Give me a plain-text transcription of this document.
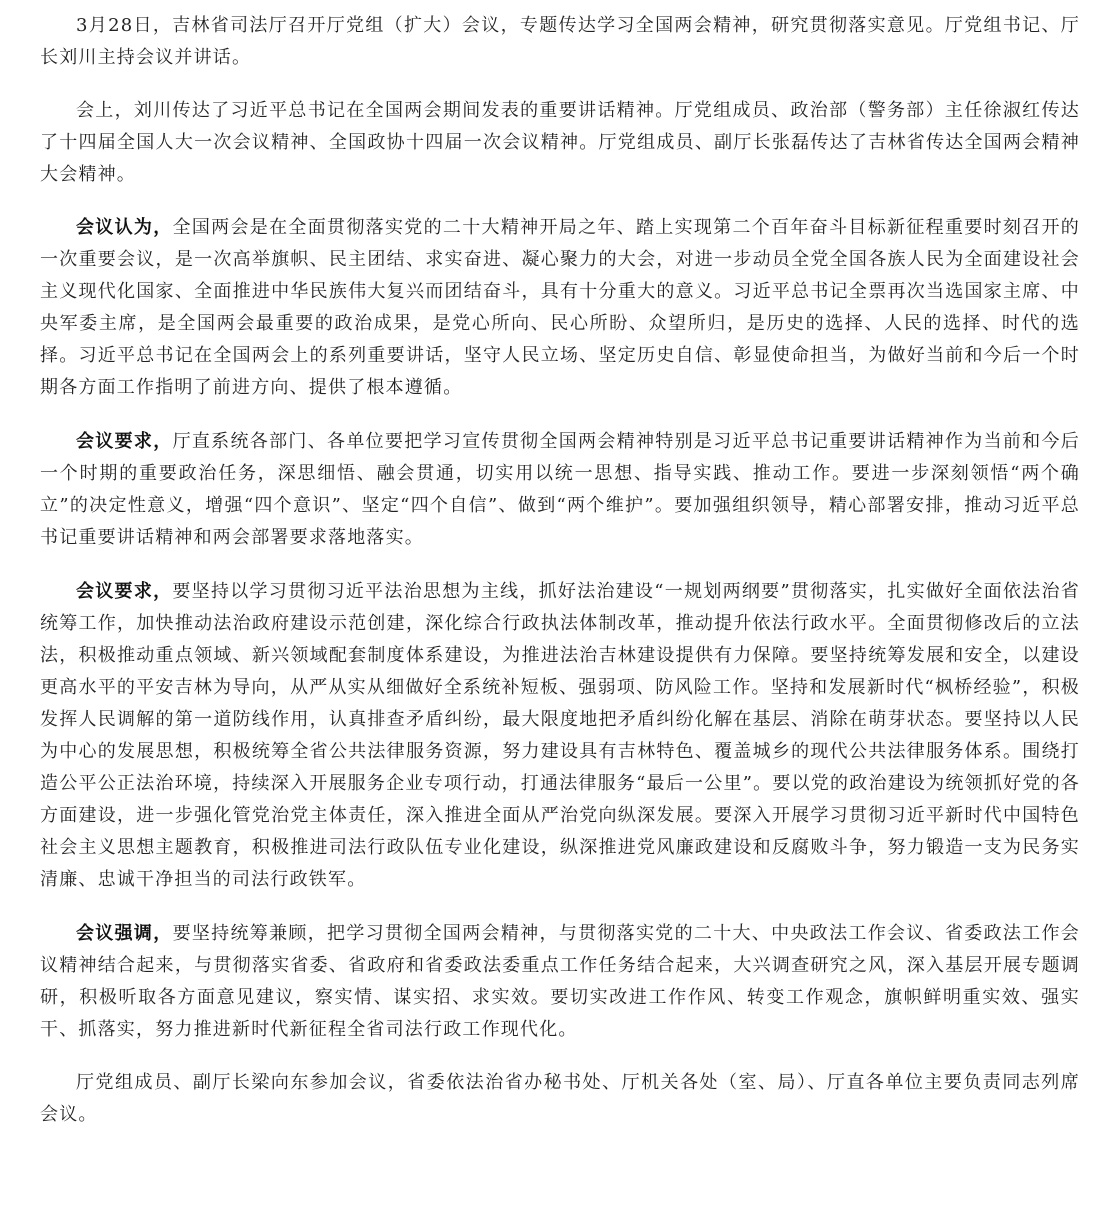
3月28日，吉林省司法厅召开厅党组（扩大）会议，专题传达学习全国两会精神，研究贯彻落实意见。厅党组书记、厅长刘川主持会议并讲话。

会上，刘川传达了习近平总书记在全国两会期间发表的重要讲话精神。厅党组成员、政治部（警务部）主任徐淑红传达了十四届全国人大一次会议精神、全国政协十四届一次会议精神。厅党组成员、副厅长张磊传达了吉林省传达全国两会精神大会精神。

会议认为，全国两会是在全面贯彻落实党的二十大精神开局之年、踏上实现第二个百年奋斗目标新征程重要时刻召开的一次重要会议，是一次高举旗帜、民主团结、求实奋进、凝心聚力的大会，对进一步动员全党全国各族人民为全面建设社会主义现代化国家、全面推进中华民族伟大复兴而团结奋斗，具有十分重大的意义。习近平总书记全票再次当选国家主席、中央军委主席，是全国两会最重要的政治成果，是党心所向、民心所盼、众望所归，是历史的选择、人民的选择、时代的选择。习近平总书记在全国两会上的系列重要讲话，坚守人民立场、坚定历史自信、彰显使命担当，为做好当前和今后一个时期各方面工作指明了前进方向、提供了根本遵循。

会议要求，厅直系统各部门、各单位要把学习宣传贯彻全国两会精神特别是习近平总书记重要讲话精神作为当前和今后一个时期的重要政治任务，深思细悟、融会贯通，切实用以统一思想、指导实践、推动工作。要进一步深刻领悟“两个确立”的决定性意义，增强“四个意识”、坚定“四个自信”、做到“两个维护”。要加强组织领导，精心部署安排，推动习近平总书记重要讲话精神和两会部署要求落地落实。

会议要求，要坚持以学习贯彻习近平法治思想为主线，抓好法治建设“一规划两纲要”贯彻落实，扎实做好全面依法治省统筹工作，加快推动法治政府建设示范创建，深化综合行政执法体制改革，推动提升依法行政水平。全面贯彻修改后的立法法，积极推动重点领域、新兴领域配套制度体系建设，为推进法治吉林建设提供有力保障。要坚持统筹发展和安全，以建设更高水平的平安吉林为导向，从严从实从细做好全系统补短板、强弱项、防风险工作。坚持和发展新时代“枫桥经验”，积极发挥人民调解的第一道防线作用，认真排查矛盾纠纷，最大限度地把矛盾纠纷化解在基层、消除在萌芽状态。要坚持以人民为中心的发展思想，积极统筹全省公共法律服务资源，努力建设具有吉林特色、覆盖城乡的现代公共法律服务体系。围绕打造公平公正法治环境，持续深入开展服务企业专项行动，打通法律服务“最后一公里”。要以党的政治建设为统领抓好党的各方面建设，进一步强化管党治党主体责任，深入推进全面从严治党向纵深发展。要深入开展学习贯彻习近平新时代中国特色社会主义思想主题教育，积极推进司法行政队伍专业化建设，纵深推进党风廉政建设和反腐败斗争，努力锻造一支为民务实清廉、忠诚干净担当的司法行政铁军。

会议强调，要坚持统筹兼顾，把学习贯彻全国两会精神，与贯彻落实党的二十大、中央政法工作会议、省委政法工作会议精神结合起来，与贯彻落实省委、省政府和省委政法委重点工作任务结合起来，大兴调查研究之风，深入基层开展专题调研，积极听取各方面意见建议，察实情、谋实招、求实效。要切实改进工作作风、转变工作观念，旗帜鲜明重实效、强实干、抓落实，努力推进新时代新征程全省司法行政工作现代化。

厅党组成员、副厅长梁向东参加会议，省委依法治省办秘书处、厅机关各处（室、局）、厅直各单位主要负责同志列席会议。
